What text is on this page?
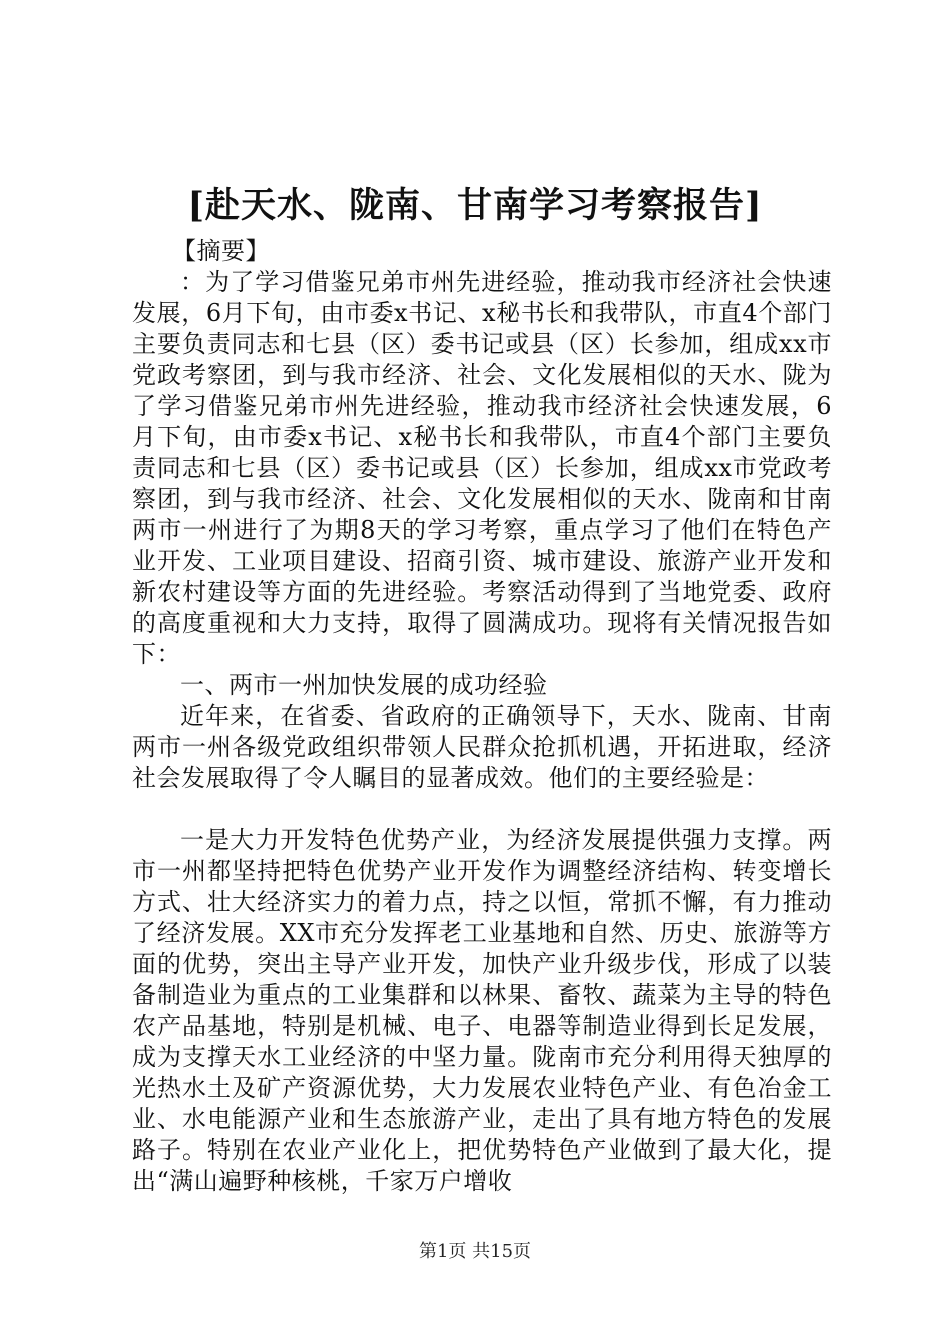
[赴天水、陇南、甘南学习考察报告]

【摘要】

：为了学习借鉴兄弟市州先进经验，推动我市经济社会快速发展，6月下旬，由市委x书记、x秘书长和我带队，市直4个部门主要负责同志和七县（区）委书记或县（区）长参加，组成xx市党政考察团，到与我市经济、社会、文化发展相似的天水、陇为了学习借鉴兄弟市州先进经验，推动我市经济社会快速发展，6月下旬，由市委x书记、x秘书长和我带队，市直4个部门主要负责同志和七县（区）委书记或县（区）长参加，组成xx市党政考察团，到与我市经济、社会、文化发展相似的天水、陇南和甘南两市一州进行了为期8天的学习考察，重点学习了他们在特色产业开发、工业项目建设、招商引资、城市建设、旅游产业开发和新农村建设等方面的先进经验。考察活动得到了当地党委、政府的高度重视和大力支持，取得了圆满成功。现将有关情况报告如下：

一、两市一州加快发展的成功经验

近年来，在省委、省政府的正确领导下，天水、陇南、甘南两市一州各级党政组织带领人民群众抢抓机遇，开拓进取，经济社会发展取得了令人瞩目的显著成效。他们的主要经验是：

一是大力开发特色优势产业，为经济发展提供强力支撑。两市一州都坚持把特色优势产业开发作为调整经济结构、转变增长方式、壮大经济实力的着力点，持之以恒，常抓不懈，有力推动了经济发展。XX市充分发挥老工业基地和自然、历史、旅游等方面的优势，突出主导产业开发，加快产业升级步伐，形成了以装备制造业为重点的工业集群和以林果、畜牧、蔬菜为主导的特色农产品基地，特别是机械、电子、电器等制造业得到长足发展，成为支撑天水工业经济的中坚力量。陇南市充分利用得天独厚的光热水土及矿产资源优势，大力发展农业特色产业、有色冶金工业、水电能源产业和生态旅游产业，走出了具有地方特色的发展路子。特别在农业产业化上，把优势特色产业做到了最大化，提出“满山遍野种核桃，千家万户增收

第1页 共15页
